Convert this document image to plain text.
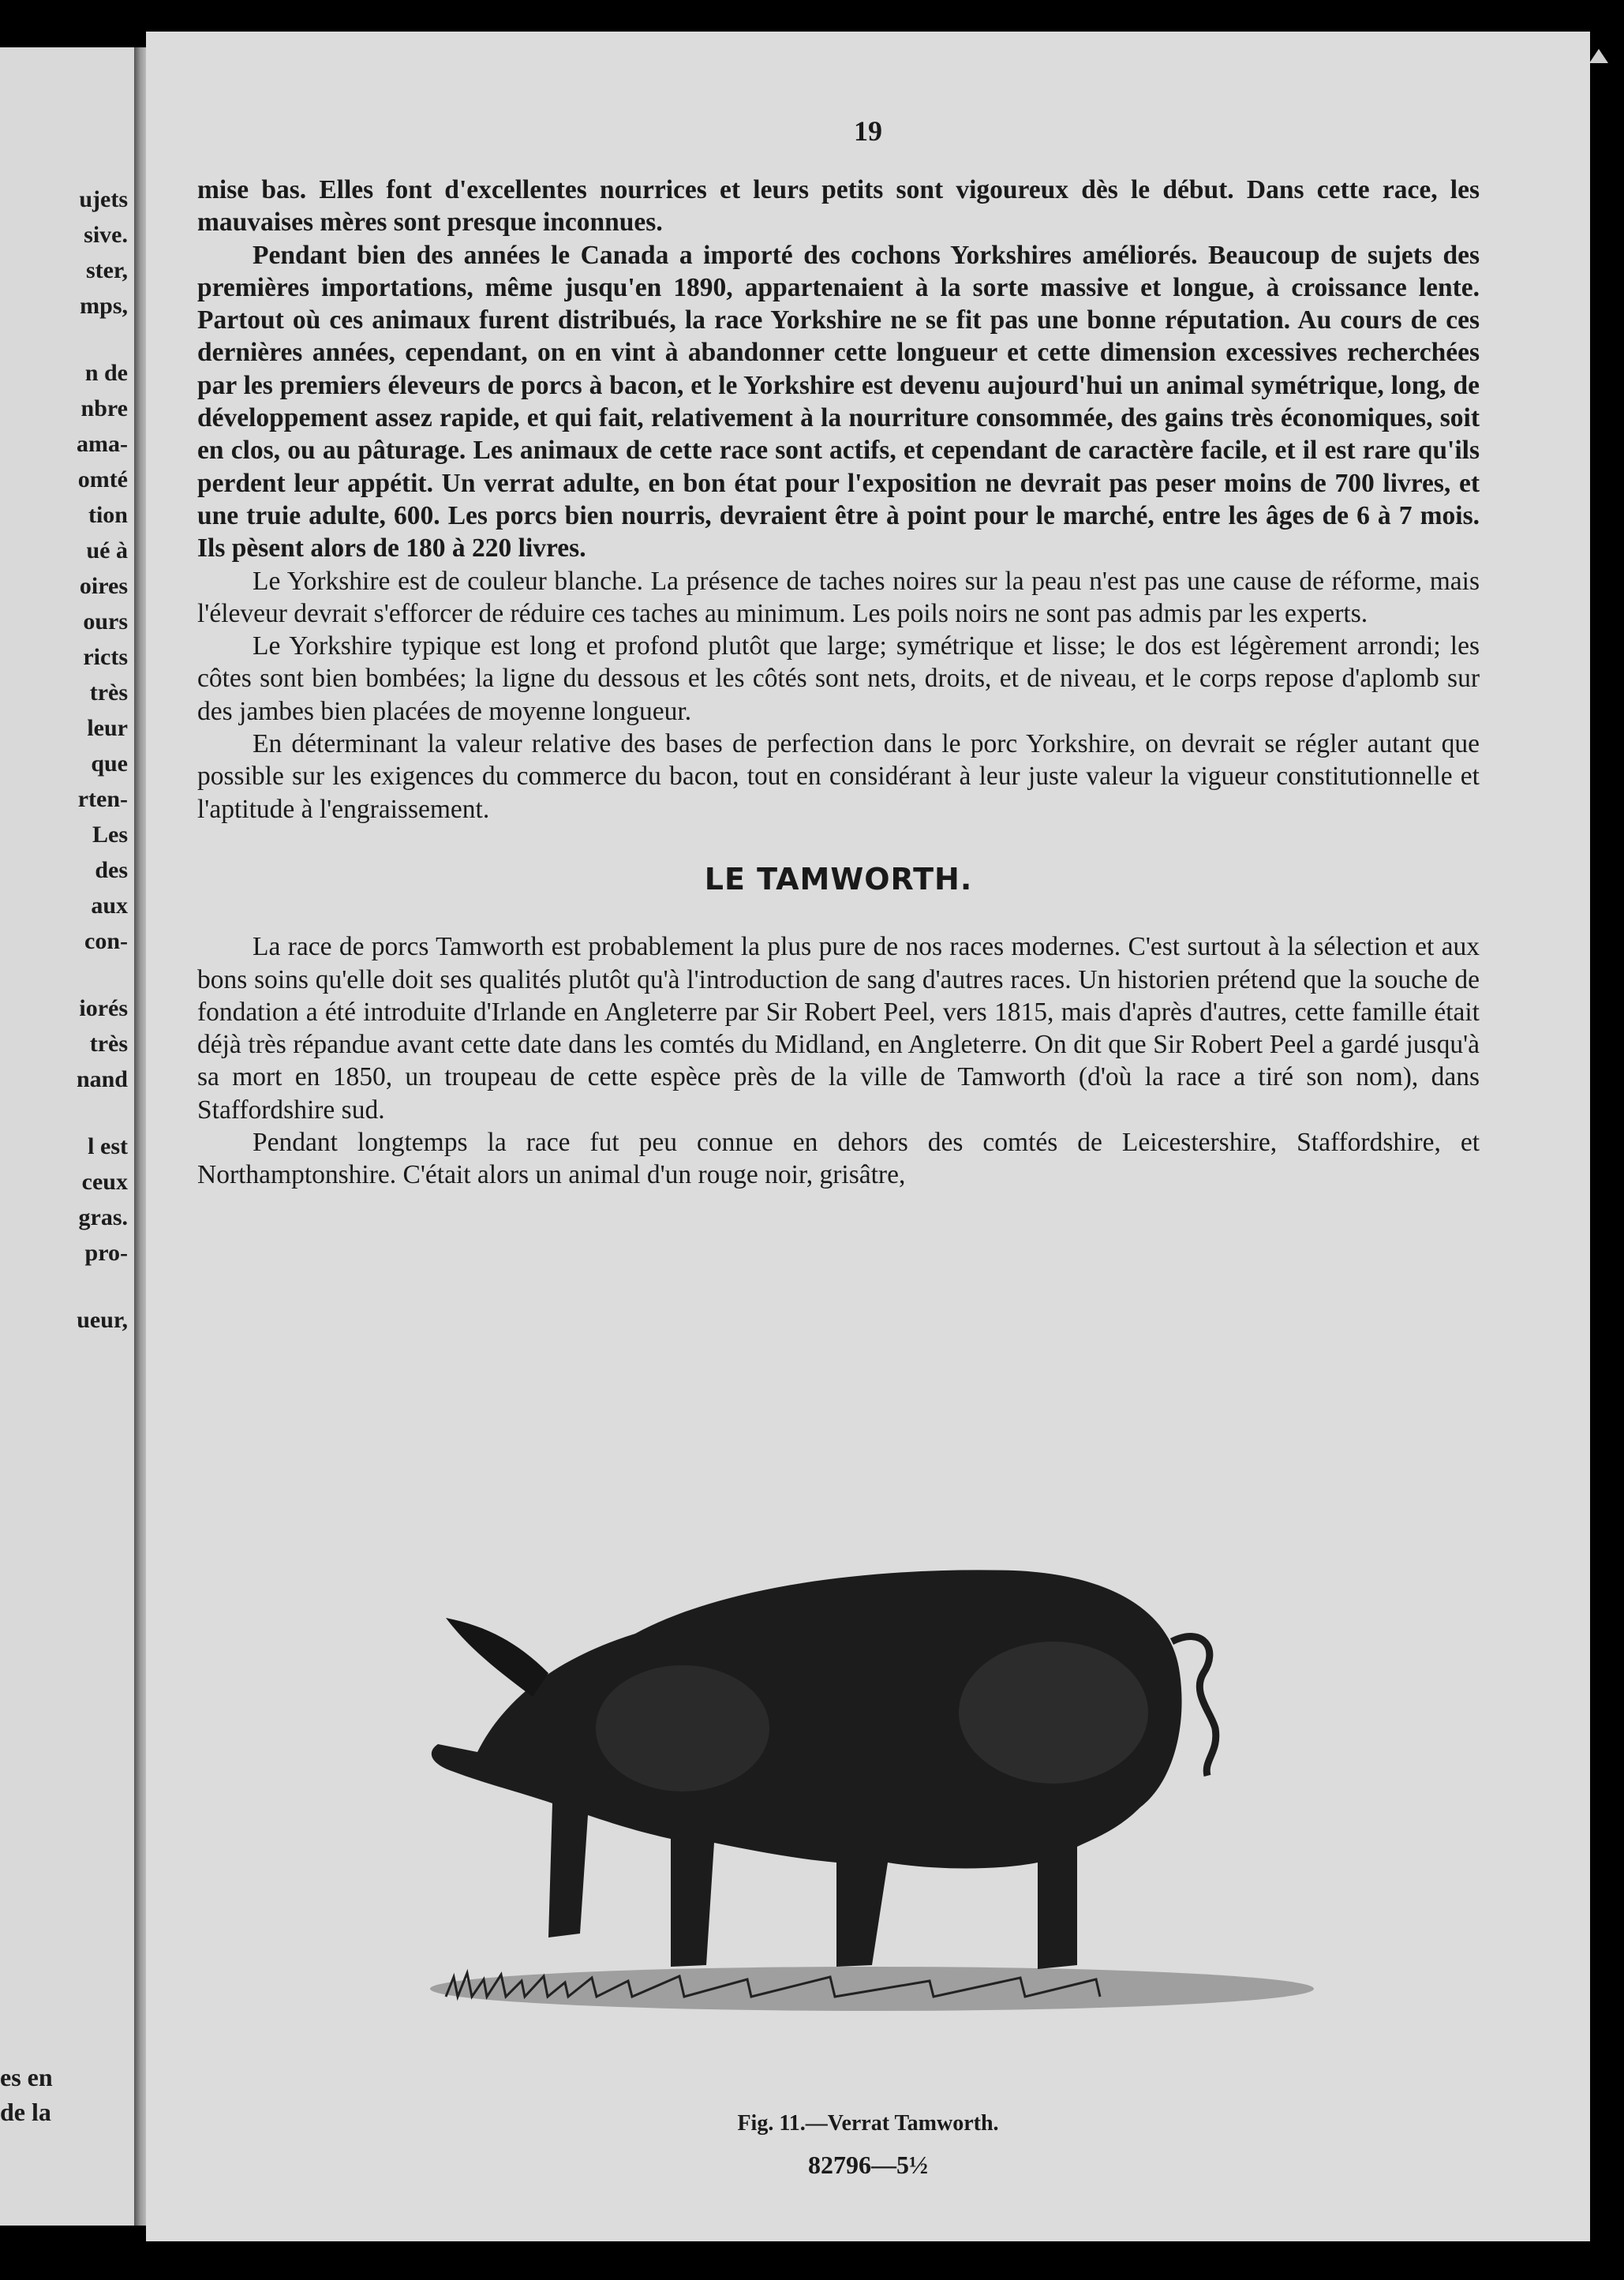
ujets
sive.
ster,
mps,
n de
nbre
ama-
omté
tion
ué à
oires
ours
ricts
très
leur
que
rten-
Les
des
aux
con-
iorés
très
nand
l est
ceux
gras.
pro-
ueur,
es en
de la
19

mise bas. Elles font d'excellentes nourrices et leurs petits sont vigoureux dès le début. Dans cette race, les mauvaises mères sont presque inconnues.

Pendant bien des années le Canada a importé des cochons Yorkshires améliorés. Beaucoup de sujets des premières importations, même jusqu'en 1890, appartenaient à la sorte massive et longue, à croissance lente. Partout où ces animaux furent distribués, la race Yorkshire ne se fit pas une bonne réputation. Au cours de ces dernières années, cependant, on en vint à abandonner cette longueur et cette dimension excessives recherchées par les premiers éleveurs de porcs à bacon, et le Yorkshire est devenu aujourd'hui un animal symétrique, long, de développement assez rapide, et qui fait, relativement à la nourriture consommée, des gains très économiques, soit en clos, ou au pâturage. Les animaux de cette race sont actifs, et cependant de caractère facile, et il est rare qu'ils perdent leur appétit. Un verrat adulte, en bon état pour l'exposition ne devrait pas peser moins de 700 livres, et une truie adulte, 600. Les porcs bien nourris, devraient être à point pour le marché, entre les âges de 6 à 7 mois. Ils pèsent alors de 180 à 220 livres.

Le Yorkshire est de couleur blanche. La présence de taches noires sur la peau n'est pas une cause de réforme, mais l'éleveur devrait s'efforcer de réduire ces taches au minimum. Les poils noirs ne sont pas admis par les experts.

Le Yorkshire typique est long et profond plutôt que large; symétrique et lisse; le dos est légèrement arrondi; les côtes sont bien bombées; la ligne du dessous et les côtés sont nets, droits, et de niveau, et le corps repose d'aplomb sur des jambes bien placées de moyenne longueur.

En déterminant la valeur relative des bases de perfection dans le porc Yorkshire, on devrait se régler autant que possible sur les exigences du commerce du bacon, tout en considérant à leur juste valeur la vigueur constitutionnelle et l'aptitude à l'engraissement.

LE TAMWORTH.

La race de porcs Tamworth est probablement la plus pure de nos races modernes. C'est surtout à la sélection et aux bons soins qu'elle doit ses qualités plutôt qu'à l'introduction de sang d'autres races. Un historien prétend que la souche de fondation a été introduite d'Irlande en Angleterre par Sir Robert Peel, vers 1815, mais d'après d'autres, cette famille était déjà très répandue avant cette date dans les comtés du Midland, en Angleterre. On dit que Sir Robert Peel a gardé jusqu'à sa mort en 1850, un troupeau de cette espèce près de la ville de Tamworth (d'où la race a tiré son nom), dans Staffordshire sud.

Pendant longtemps la race fut peu connue en dehors des comtés de Leicestershire, Staffordshire, et Northamptonshire. C'était alors un animal d'un rouge noir, grisâtre,

Fig. 11.—Verrat Tamworth.
82796—5½
